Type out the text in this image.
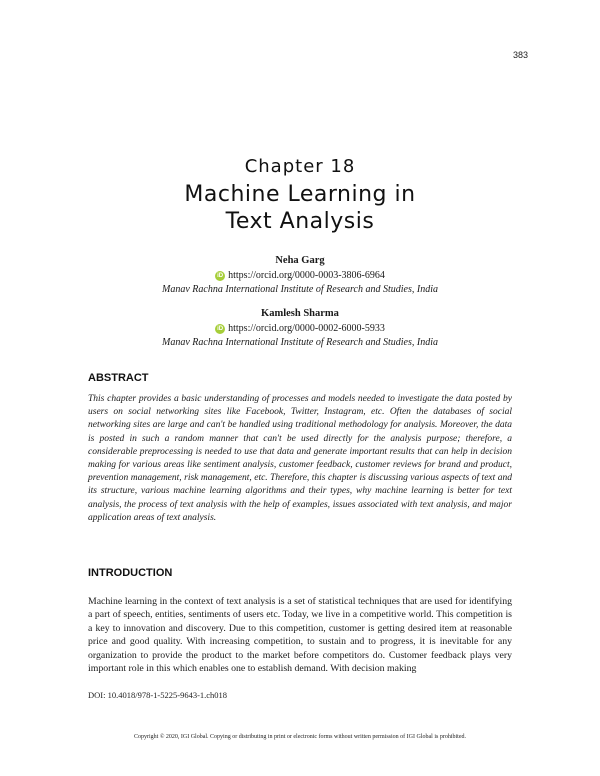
383
Chapter 18
Machine Learning in
Text Analysis
Neha Garg
iD https://orcid.org/0000-0003-3806-6964
Manav Rachna International Institute of Research and Studies, India
Kamlesh Sharma
iD https://orcid.org/0000-0002-6000-5933
Manav Rachna International Institute of Research and Studies, India
ABSTRACT

This chapter provides a basic understanding of processes and models needed to investigate the data posted by users on social networking sites like Facebook, Twitter, Instagram, etc. Often the databases of social networking sites are large and can't be handled using traditional methodology for analysis. Moreover, the data is posted in such a random manner that can't be used directly for the analysis purpose; therefore, a considerable preprocessing is needed to use that data and generate important results that can help in decision making for various areas like sentiment analysis, customer feedback, customer reviews for brand and product, prevention management, risk management, etc. Therefore, this chapter is discussing various aspects of text and its structure, various machine learning algorithms and their types, why machine learning is better for text analysis, the process of text analysis with the help of examples, issues associated with text analysis, and major application areas of text analysis.

INTRODUCTION

Machine learning in the context of text analysis is a set of statistical techniques that are used for identifying a part of speech, entities, sentiments of users etc. Today, we live in a competitive world. This competition is a key to innovation and discovery. Due to this competition, customer is getting desired item at reasonable price and good quality. With increasing competition, to sustain and to progress, it is inevitable for any organization to provide the product to the market before competitors do. Customer feedback plays very important role in this which enables one to establish demand. With decision making

DOI: 10.4018/978-1-5225-9643-1.ch018
Copyright © 2020, IGI Global. Copying or distributing in print or electronic forms without written permission of IGI Global is prohibited.
